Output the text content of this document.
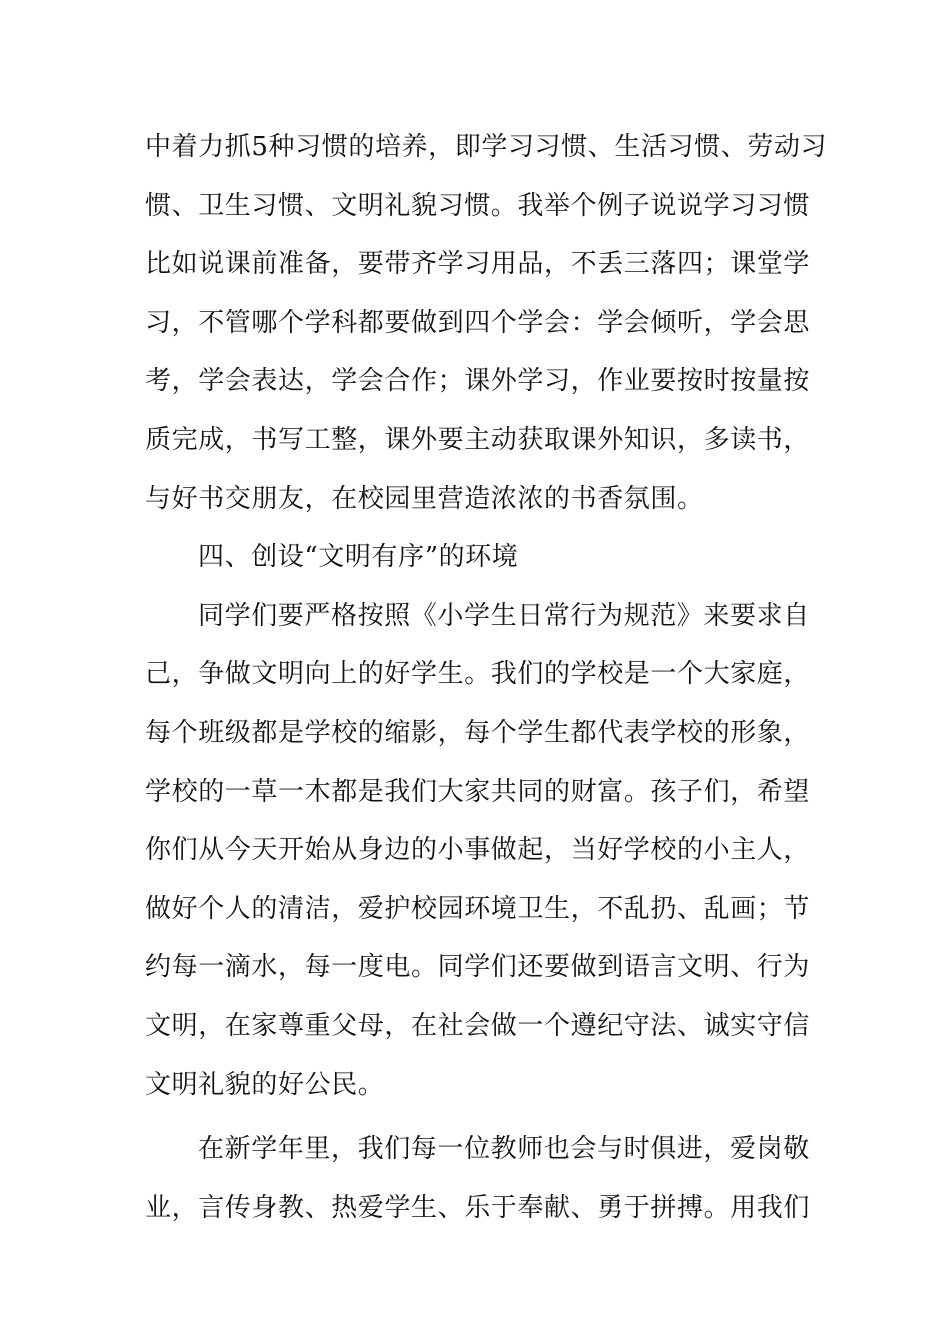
中着力抓5种习惯的培养，即学习习惯、生活习惯、劳动习
惯、卫生习惯、文明礼貌习惯。我举个例子说说学习习惯
比如说课前准备，要带齐学习用品，不丢三落四；课堂学
习，不管哪个学科都要做到四个学会：学会倾听，学会思
考，学会表达，学会合作；课外学习，作业要按时按量按
质完成，书写工整，课外要主动获取课外知识，多读书，
与好书交朋友，在校园里营造浓浓的书香氛围。
四、创设“文明有序”的环境
同学们要严格按照《小学生日常行为规范》来要求自
己，争做文明向上的好学生。我们的学校是一个大家庭，
每个班级都是学校的缩影，每个学生都代表学校的形象，
学校的一草一木都是我们大家共同的财富。孩子们，希望
你们从今天开始从身边的小事做起，当好学校的小主人，
做好个人的清洁，爱护校园环境卫生，不乱扔、乱画；节
约每一滴水，每一度电。同学们还要做到语言文明、行为
文明，在家尊重父母，在社会做一个遵纪守法、诚实守信
文明礼貌的好公民。
在新学年里，我们每一位教师也会与时俱进，爱岗敬
业，言传身教、热爱学生、乐于奉献、勇于拼搏。用我们
